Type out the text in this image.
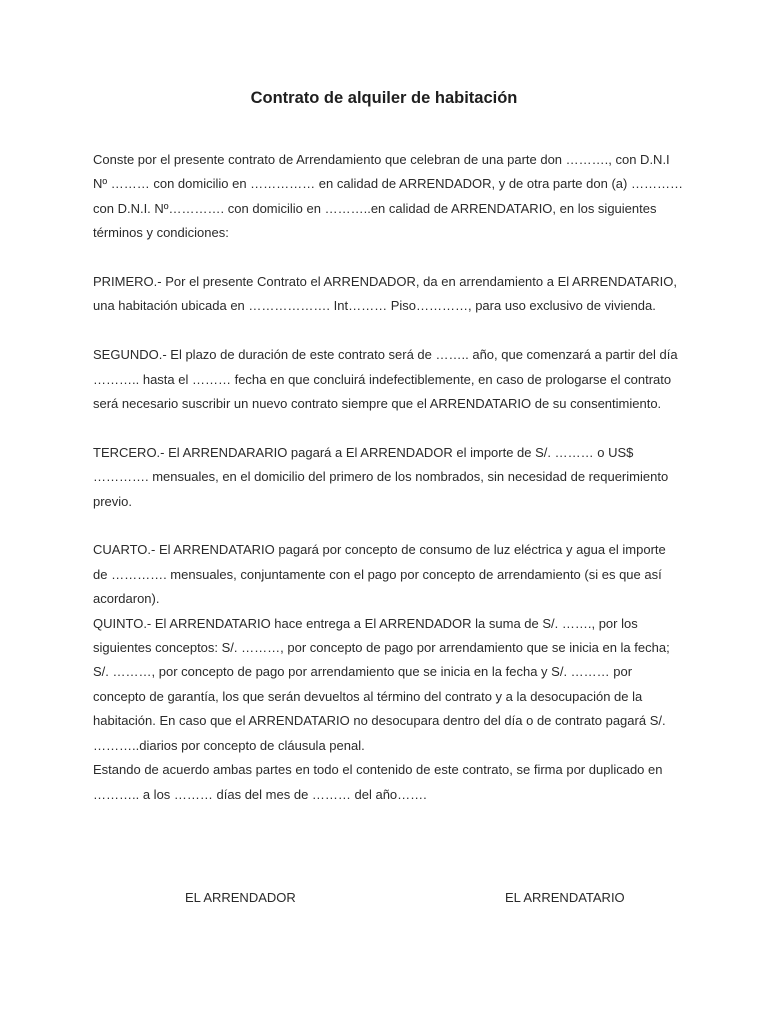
Contrato de alquiler de habitación

Conste por el presente contrato de Arrendamiento que celebran de una parte don ………., con D.N.I Nº ……… con domicilio en …………… en calidad de ARRENDADOR, y de otra parte don (a) ………… con D.N.I. Nº…………. con domicilio en ………..en calidad de ARRENDATARIO, en los siguientes términos y condiciones:

PRIMERO.- Por el presente Contrato el ARRENDADOR, da en arrendamiento a El ARRENDATARIO, una habitación ubicada en ………………. Int……… Piso…………, para uso exclusivo de vivienda.

SEGUNDO.- El plazo de duración de este contrato será de …….. año, que comenzará a partir del día ……….. hasta el ……… fecha en que concluirá indefectiblemente, en caso de prologarse el contrato será necesario suscribir un nuevo contrato siempre que el ARRENDATARIO de su consentimiento.

TERCERO.- El ARRENDARARIO pagará a El ARRENDADOR el importe de S/. ……… o US$ …………. mensuales, en el domicilio del primero de los nombrados, sin necesidad de requerimiento previo.

CUARTO.- El ARRENDATARIO pagará por concepto de consumo de luz eléctrica y agua el importe de …………. mensuales, conjuntamente con el pago por concepto de arrendamiento (si es que así acordaron).

QUINTO.- El ARRENDATARIO hace entrega a El ARRENDADOR la suma de S/. ……., por los siguientes conceptos: S/. ………, por concepto de pago por arrendamiento que se inicia en la fecha; S/. ………, por concepto de pago por arrendamiento que se inicia en la fecha y S/. ……… por concepto de garantía, los que serán devueltos al término del contrato y a la desocupación de la habitación. En caso que el ARRENDATARIO no desocupara dentro del día o de contrato pagará S/. ………..diarios por concepto de cláusula penal.

Estando de acuerdo ambas partes en todo el contenido de este contrato, se firma por duplicado en ……….. a los ……… días del mes de ……… del año…….

EL ARRENDADOR	EL ARRENDATARIO
